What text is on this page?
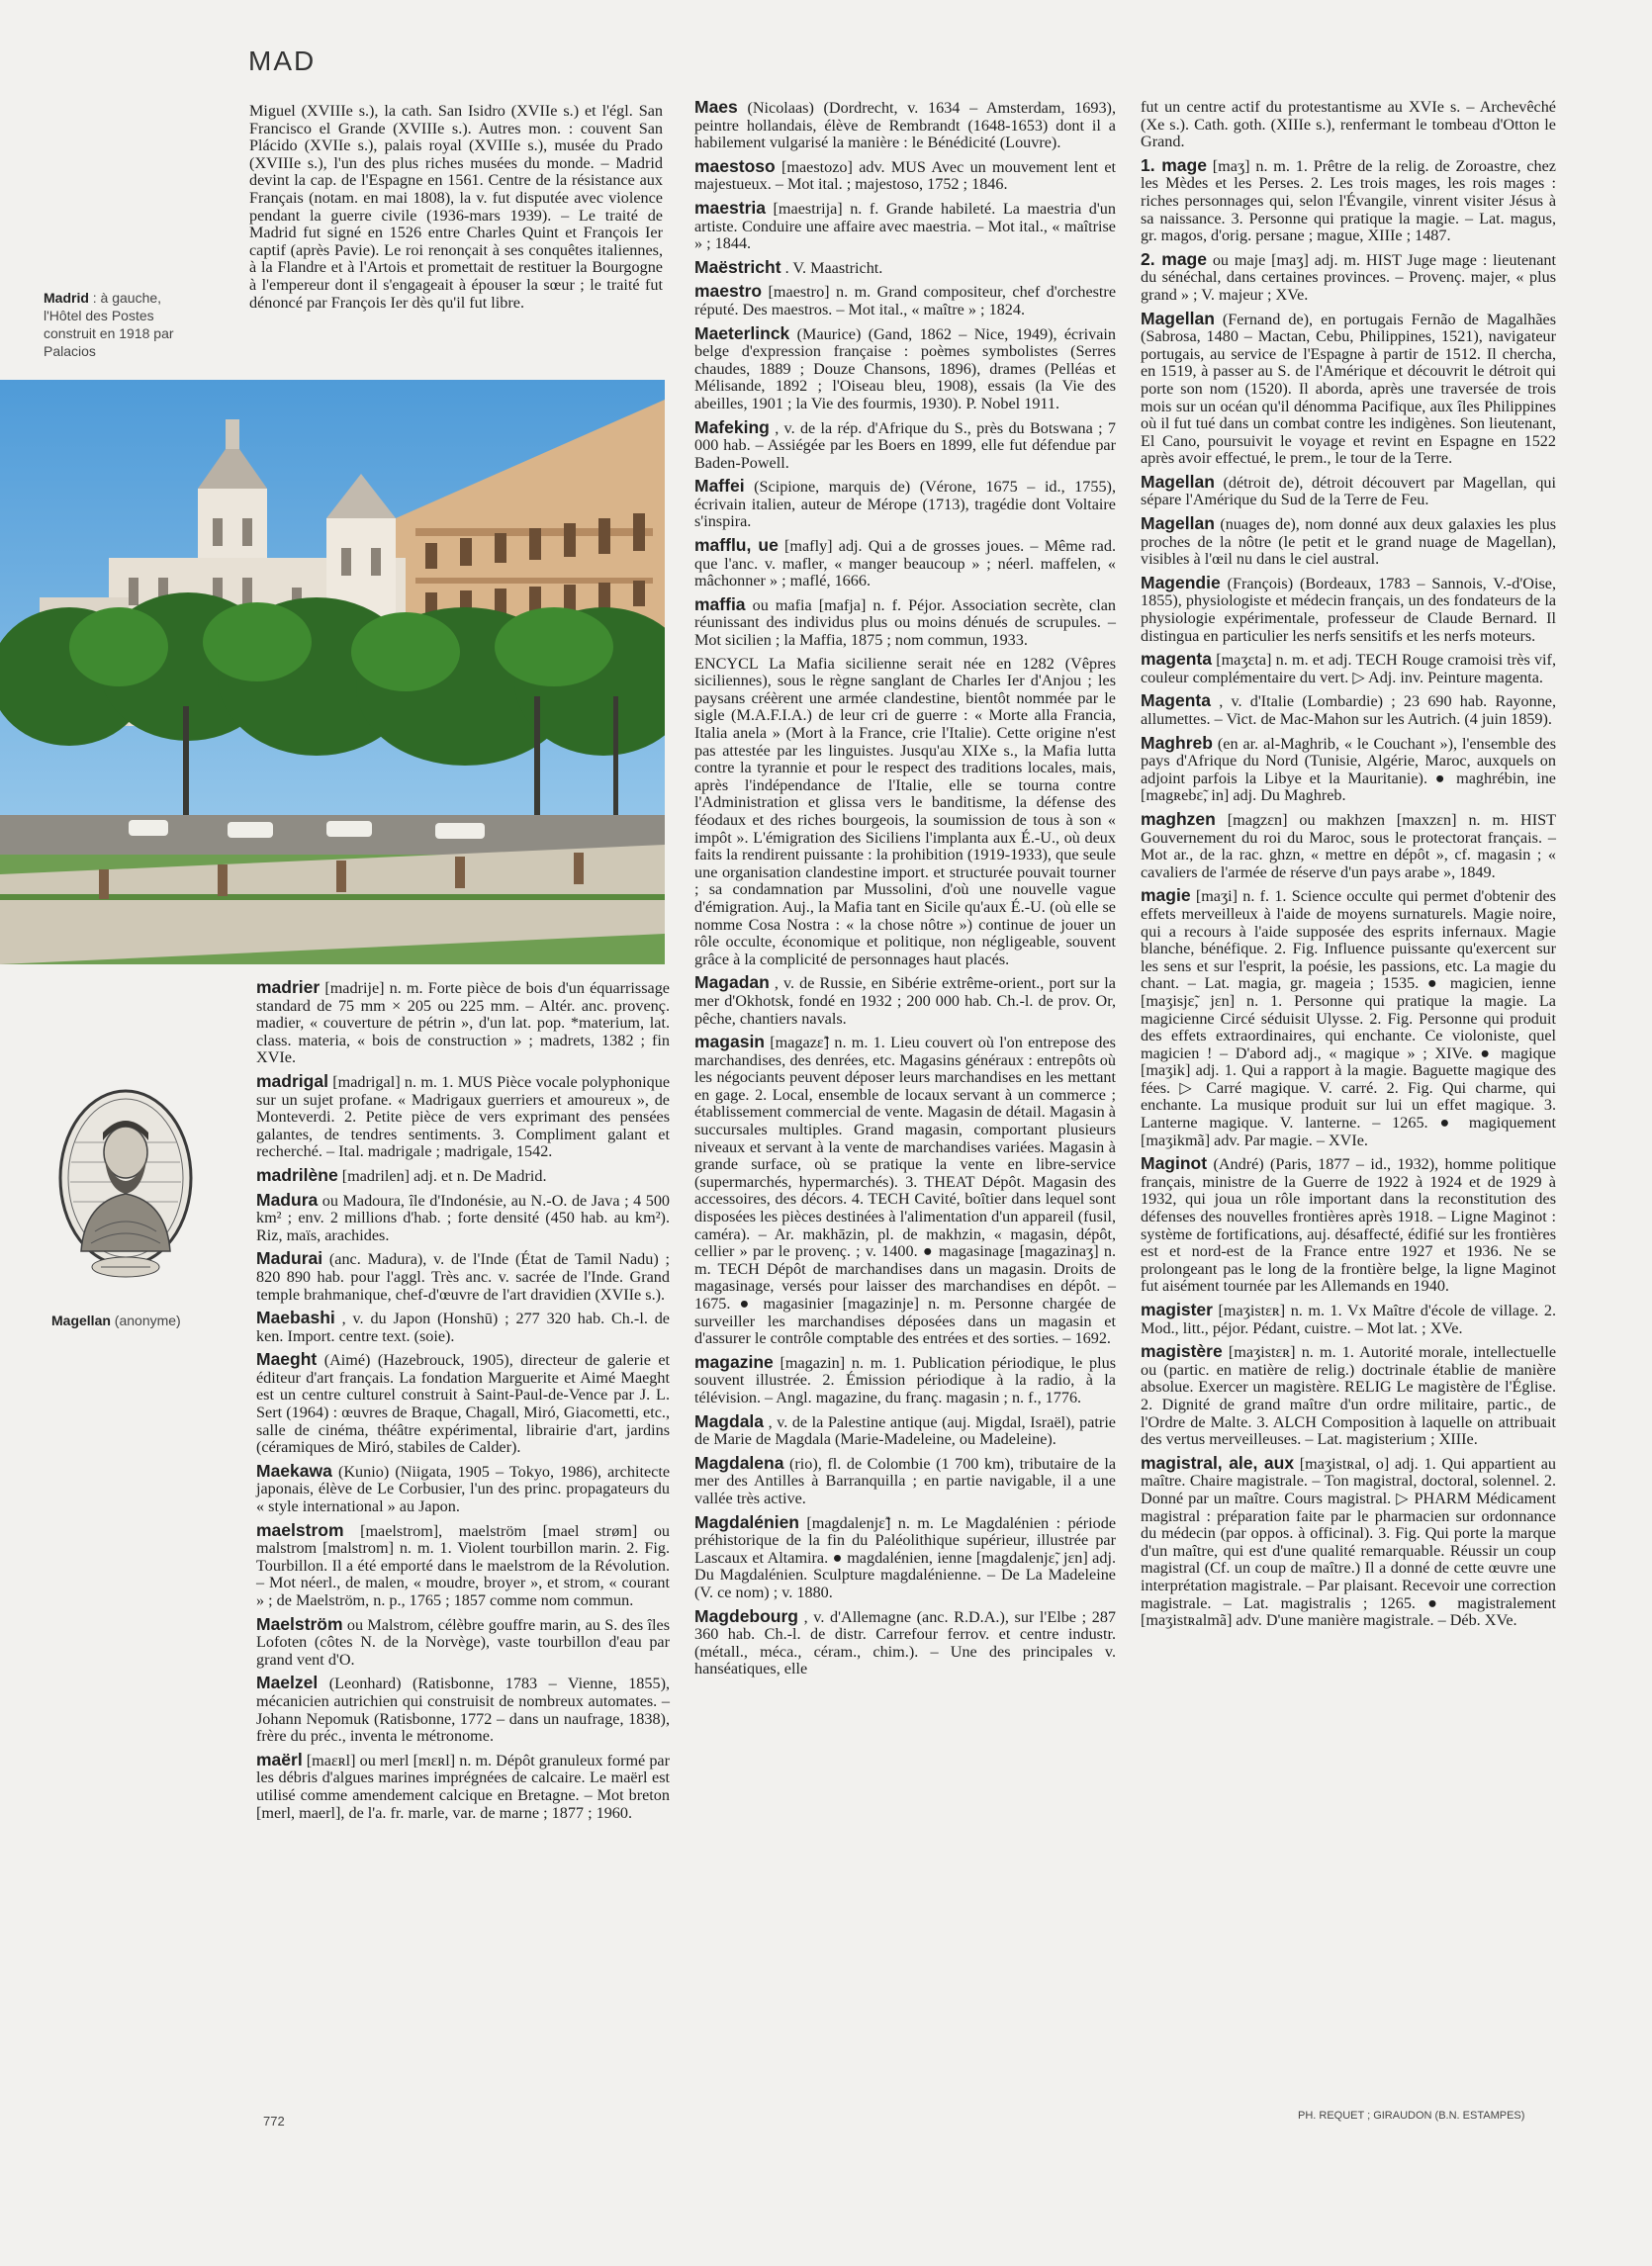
MAD
Madrid : à gauche, l'Hôtel des Postes construit en 1918 par Palacios
Magellan (anonyme)

Miguel (XVIIIe s.), la cath. San Isidro (XVIIe s.) et l'égl. San Francisco el Grande (XVIIIe s.). Autres mon. : couvent San Plácido (XVIIe s.), palais royal (XVIIIe s.), musée du Prado (XVIIIe s.), l'un des plus riches musées du monde. – Madrid devint la cap. de l'Espagne en 1561. Centre de la résistance aux Français (notam. en mai 1808), la v. fut disputée avec violence pendant la guerre civile (1936-mars 1939). – Le traité de Madrid fut signé en 1526 entre Charles Quint et François Ier captif (après Pavie). Le roi renonçait à ses conquêtes italiennes, à la Flandre et à l'Artois et promettait de restituer la Bourgogne à l'empereur dont il s'engageait à épouser la sœur ; le traité fut dénoncé par François Ier dès qu'il fut libre.

madrier [madrije] n. m. Forte pièce de bois d'un équarrissage standard de 75 mm × 205 ou 225 mm. – Altér. anc. provenç. madier, « couverture de pétrin », d'un lat. pop. *materium, lat. class. materia, « bois de construction » ; madrets, 1382 ; fin XVIe.

madrigal [madrigal] n. m. 1. MUS Pièce vocale polyphonique sur un sujet profane. « Madrigaux guerriers et amoureux », de Monteverdi. 2. Petite pièce de vers exprimant des pensées galantes, de tendres sentiments. 3. Compliment galant et recherché. – Ital. madrigale ; madrigale, 1542.

madrilène [madrilen] adj. et n. De Madrid.

Madura ou Madoura, île d'Indonésie, au N.-O. de Java ; 4 500 km² ; env. 2 millions d'hab. ; forte densité (450 hab. au km²). Riz, maïs, arachides.

Madurai (anc. Madura), v. de l'Inde (État de Tamil Nadu) ; 820 890 hab. pour l'aggl. Très anc. v. sacrée de l'Inde. Grand temple brahmanique, chef-d'œuvre de l'art dravidien (XVIIe s.).

Maebashi , v. du Japon (Honshū) ; 277 320 hab. Ch.-l. de ken. Import. centre text. (soie).

Maeght (Aimé) (Hazebrouck, 1905), directeur de galerie et éditeur d'art français. La fondation Marguerite et Aimé Maeght est un centre culturel construit à Saint-Paul-de-Vence par J. L. Sert (1964) : œuvres de Braque, Chagall, Miró, Giacometti, etc., salle de cinéma, théâtre expérimental, librairie d'art, jardins (céramiques de Miró, stabiles de Calder).

Maekawa (Kunio) (Niigata, 1905 – Tokyo, 1986), architecte japonais, élève de Le Corbusier, l'un des princ. propagateurs du « style international » au Japon.

maelstrom [maelstrom], maelström [mael strøm] ou malstrom [malstrom] n. m. 1. Violent tourbillon marin. 2. Fig. Tourbillon. Il a été emporté dans le maelstrom de la Révolution. – Mot néerl., de malen, « moudre, broyer », et strom, « courant » ; de Maelström, n. p., 1765 ; 1857 comme nom commun.

Maelström ou Malstrom, célèbre gouffre marin, au S. des îles Lofoten (côtes N. de la Norvège), vaste tourbillon d'eau par grand vent d'O.

Maelzel (Leonhard) (Ratisbonne, 1783 – Vienne, 1855), mécanicien autrichien qui construisit de nombreux automates. – Johann Nepomuk (Ratisbonne, 1772 – dans un naufrage, 1838), frère du préc., inventa le métronome.

maërl [maɛʀl] ou merl [mɛʀl] n. m. Dépôt granuleux formé par les débris d'algues marines imprégnées de calcaire. Le maërl est utilisé comme amendement calcique en Bretagne. – Mot breton [merl, maerl], de l'a. fr. marle, var. de marne ; 1877 ; 1960.

Maes (Nicolaas) (Dordrecht, v. 1634 – Amsterdam, 1693), peintre hollandais, élève de Rembrandt (1648-1653) dont il a habilement vulgarisé la manière : le Bénédicité (Louvre).

maestoso [maestozo] adv. MUS Avec un mouvement lent et majestueux. – Mot ital. ; majestoso, 1752 ; 1846.

maestria [maestrija] n. f. Grande habileté. La maestria d'un artiste. Conduire une affaire avec maestria. – Mot ital., « maîtrise » ; 1844.

Maëstricht . V. Maastricht.

maestro [maestro] n. m. Grand compositeur, chef d'orchestre réputé. Des maestros. – Mot ital., « maître » ; 1824.

Maeterlinck (Maurice) (Gand, 1862 – Nice, 1949), écrivain belge d'expression française : poèmes symbolistes (Serres chaudes, 1889 ; Douze Chansons, 1896), drames (Pelléas et Mélisande, 1892 ; l'Oiseau bleu, 1908), essais (la Vie des abeilles, 1901 ; la Vie des fourmis, 1930). P. Nobel 1911.

Mafeking , v. de la rép. d'Afrique du S., près du Botswana ; 7 000 hab. – Assiégée par les Boers en 1899, elle fut défendue par Baden-Powell.

Maffei (Scipione, marquis de) (Vérone, 1675 – id., 1755), écrivain italien, auteur de Mérope (1713), tragédie dont Voltaire s'inspira.

mafflu, ue [mafly] adj. Qui a de grosses joues. – Même rad. que l'anc. v. mafler, « manger beaucoup » ; néerl. maffelen, « mâchonner » ; maflé, 1666.

maffia ou mafia [mafja] n. f. Péjor. Association secrète, clan réunissant des individus plus ou moins dénués de scrupules. – Mot sicilien ; la Maffia, 1875 ; nom commun, 1933.

ENCYCL La Mafia sicilienne serait née en 1282 (Vêpres siciliennes), sous le règne sanglant de Charles Ier d'Anjou ; les paysans créèrent une armée clandestine, bientôt nommée par le sigle (M.A.F.I.A.) de leur cri de guerre : « Morte alla Francia, Italia anela » (Mort à la France, crie l'Italie). Cette origine n'est pas attestée par les linguistes. Jusqu'au XIXe s., la Mafia lutta contre la tyrannie et pour le respect des traditions locales, mais, après l'indépendance de l'Italie, elle se tourna contre l'Administration et glissa vers le banditisme, la défense des féodaux et des riches bourgeois, la soumission de tous à son « impôt ». L'émigration des Siciliens l'implanta aux É.-U., où deux faits la rendirent puissante : la prohibition (1919-1933), que seule une organisation clandestine import. et structurée pouvait tourner ; sa condamnation par Mussolini, d'où une nouvelle vague d'émigration. Auj., la Mafia tant en Sicile qu'aux É.-U. (où elle se nomme Cosa Nostra : « la chose nôtre ») continue de jouer un rôle occulte, économique et politique, non négligeable, souvent grâce à la complicité de personnages haut placés.

Magadan , v. de Russie, en Sibérie extrême-orient., port sur la mer d'Okhotsk, fondé en 1932 ; 200 000 hab. Ch.-l. de prov. Or, pêche, chantiers navals.

magasin [magazɛ̃] n. m. 1. Lieu couvert où l'on entrepose des marchandises, des denrées, etc. Magasins généraux : entrepôts où les négociants peuvent déposer leurs marchandises en les mettant en gage. 2. Local, ensemble de locaux servant à un commerce ; établissement commercial de vente. Magasin de détail. Magasin à succursales multiples. Grand magasin, comportant plusieurs niveaux et servant à la vente de marchandises variées. Magasin à grande surface, où se pratique la vente en libre-service (supermarchés, hypermarchés). 3. THEAT Dépôt. Magasin des accessoires, des décors. 4. TECH Cavité, boîtier dans lequel sont disposées les pièces destinées à l'alimentation d'un appareil (fusil, caméra). – Ar. makhāzin, pl. de makhzin, « magasin, dépôt, cellier » par le provenç. ; v. 1400. ● magasinage [magazinaʒ] n. m. TECH Dépôt de marchandises dans un magasin. Droits de magasinage, versés pour laisser des marchandises en dépôt. – 1675. ● magasinier [magazinje] n. m. Personne chargée de surveiller les marchandises déposées dans un magasin et d'assurer le contrôle comptable des entrées et des sorties. – 1692.

magazine [magazin] n. m. 1. Publication périodique, le plus souvent illustrée. 2. Émission périodique à la radio, à la télévision. – Angl. magazine, du franç. magasin ; n. f., 1776.

Magdala , v. de la Palestine antique (auj. Migdal, Israël), patrie de Marie de Magdala (Marie-Madeleine, ou Madeleine).

Magdalena (rio), fl. de Colombie (1 700 km), tributaire de la mer des Antilles à Barranquilla ; en partie navigable, il a une vallée très active.

Magdalénien [magdalenjɛ̃] n. m. Le Magdalénien : période préhistorique de la fin du Paléolithique supérieur, illustrée par Lascaux et Altamira. ● magdalénien, ienne [magdalenjɛ̃, jɛn] adj. Du Magdalénien. Sculpture magdalénienne. – De La Madeleine (V. ce nom) ; v. 1880.

Magdebourg , v. d'Allemagne (anc. R.D.A.), sur l'Elbe ; 287 360 hab. Ch.-l. de distr. Carrefour ferrov. et centre industr. (métall., méca., céram., chim.). – Une des principales v. hanséatiques, elle

fut un centre actif du protestantisme au XVIe s. – Archevêché (Xe s.). Cath. goth. (XIIIe s.), renfermant le tombeau d'Otton le Grand.

1. mage [maʒ] n. m. 1. Prêtre de la relig. de Zoroastre, chez les Mèdes et les Perses. 2. Les trois mages, les rois mages : riches personnages qui, selon l'Évangile, vinrent visiter Jésus à sa naissance. 3. Personne qui pratique la magie. – Lat. magus, gr. magos, d'orig. persane ; mague, XIIIe ; 1487.

2. mage ou maje [maʒ] adj. m. HIST Juge mage : lieutenant du sénéchal, dans certaines provinces. – Provenç. majer, « plus grand » ; V. majeur ; XVe.

Magellan (Fernand de), en portugais Fernão de Magalhães (Sabrosa, 1480 – Mactan, Cebu, Philippines, 1521), navigateur portugais, au service de l'Espagne à partir de 1512. Il chercha, en 1519, à passer au S. de l'Amérique et découvrit le détroit qui porte son nom (1520). Il aborda, après une traversée de trois mois sur un océan qu'il dénomma Pacifique, aux îles Philippines où il fut tué dans un combat contre les indigènes. Son lieutenant, El Cano, poursuivit le voyage et revint en Espagne en 1522 après avoir effectué, le prem., le tour de la Terre.

Magellan (détroit de), détroit découvert par Magellan, qui sépare l'Amérique du Sud de la Terre de Feu.

Magellan (nuages de), nom donné aux deux galaxies les plus proches de la nôtre (le petit et le grand nuage de Magellan), visibles à l'œil nu dans le ciel austral.

Magendie (François) (Bordeaux, 1783 – Sannois, V.-d'Oise, 1855), physiologiste et médecin français, un des fondateurs de la physiologie expérimentale, professeur de Claude Bernard. Il distingua en particulier les nerfs sensitifs et les nerfs moteurs.

magenta [maʒɛta] n. m. et adj. TECH Rouge cramoisi très vif, couleur complémentaire du vert. ▷ Adj. inv. Peinture magenta.

Magenta , v. d'Italie (Lombardie) ; 23 690 hab. Rayonne, allumettes. – Vict. de Mac-Mahon sur les Autrich. (4 juin 1859).

Maghreb (en ar. al-Maghrib, « le Couchant »), l'ensemble des pays d'Afrique du Nord (Tunisie, Algérie, Maroc, auxquels on adjoint parfois la Libye et la Mauritanie). ● maghrébin, ine [magʀebɛ̃, in] adj. Du Maghreb.

maghzen [magzɛn] ou makhzen [maxzɛn] n. m. HIST Gouvernement du roi du Maroc, sous le protectorat français. – Mot ar., de la rac. ghzn, « mettre en dépôt », cf. magasin ; « cavaliers de l'armée de réserve d'un pays arabe », 1849.

magie [maʒi] n. f. 1. Science occulte qui permet d'obtenir des effets merveilleux à l'aide de moyens surnaturels. Magie noire, qui a recours à l'aide supposée des esprits infernaux. Magie blanche, bénéfique. 2. Fig. Influence puissante qu'exercent sur les sens et sur l'esprit, la poésie, les passions, etc. La magie du chant. – Lat. magia, gr. mageia ; 1535. ● magicien, ienne [maʒisjɛ̃, jɛn] n. 1. Personne qui pratique la magie. La magicienne Circé séduisit Ulysse. 2. Fig. Personne qui produit des effets extraordinaires, qui enchante. Ce violoniste, quel magicien ! – D'abord adj., « magique » ; XIVe. ● magique [maʒik] adj. 1. Qui a rapport à la magie. Baguette magique des fées. ▷ Carré magique. V. carré. 2. Fig. Qui charme, qui enchante. La musique produit sur lui un effet magique. 3. Lanterne magique. V. lanterne. – 1265. ● magiquement [maʒikmã] adv. Par magie. – XVIe.

Maginot (André) (Paris, 1877 – id., 1932), homme politique français, ministre de la Guerre de 1922 à 1924 et de 1929 à 1932, qui joua un rôle important dans la reconstitution des défenses des nouvelles frontières après 1918. – Ligne Maginot : système de fortifications, auj. désaffecté, édifié sur les frontières est et nord-est de la France entre 1927 et 1936. Ne se prolongeant pas le long de la frontière belge, la ligne Maginot fut aisément tournée par les Allemands en 1940.

magister [maʒistɛʀ] n. m. 1. Vx Maître d'école de village. 2. Mod., litt., péjor. Pédant, cuistre. – Mot lat. ; XVe.

magistère [maʒistɛʀ] n. m. 1. Autorité morale, intellectuelle ou (partic. en matière de relig.) doctrinale établie de manière absolue. Exercer un magistère. RELIG Le magistère de l'Église. 2. Dignité de grand maître d'un ordre militaire, partic., de l'Ordre de Malte. 3. ALCH Composition à laquelle on attribuait des vertus merveilleuses. – Lat. magisterium ; XIIIe.

magistral, ale, aux [maʒistʀal, o] adj. 1. Qui appartient au maître. Chaire magistrale. – Ton magistral, doctoral, solennel. 2. Donné par un maître. Cours magistral. ▷ PHARM Médicament magistral : préparation faite par le pharmacien sur ordonnance du médecin (par oppos. à officinal). 3. Fig. Qui porte la marque d'un maître, qui est d'une qualité remarquable. Réussir un coup magistral (Cf. un coup de maître.) Il a donné de cette œuvre une interprétation magistrale. – Par plaisant. Recevoir une correction magistrale. – Lat. magistralis ; 1265. ● magistralement [maʒistʀalmã] adv. D'une manière magistrale. – Déb. XVe.

772	PH. REQUET ; GIRAUDON (B.N. ESTAMPES)
